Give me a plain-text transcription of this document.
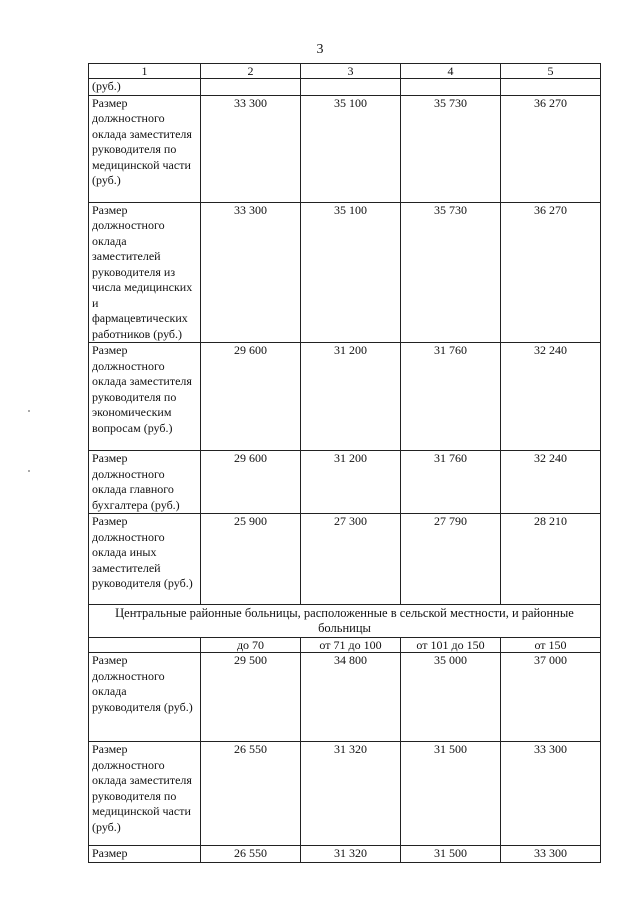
3
1	2	3	4	5
(руб.)				
Размер должностного оклада заместителя руководителя по медицинской части (руб.)	33 300	35 100	35 730	36 270
Размер должностного оклада заместителей руководителя из числа медицинских и фармацевтических работников (руб.)	33 300	35 100	35 730	36 270
Размер должностного оклада заместителя руководителя по экономическим вопросам (руб.)	29 600	31 200	31 760	32 240
Размер должностного оклада главного бухгалтера (руб.)	29 600	31 200	31 760	32 240
Размер должностного оклада иных заместителей руководителя (руб.)	25 900	27 300	27 790	28 210
Центральные районные больницы, расположенные в сельской местности, и районные больницы				
	до 70	от 71 до 100	от 101 до 150	от 150
Размер должностного оклада руководителя (руб.)	29 500	34 800	35 000	37 000
Размер должностного оклада заместителя руководителя по медицинской части (руб.)	26 550	31 320	31 500	33 300
Размер	26 550	31 320	31 500	33 300
